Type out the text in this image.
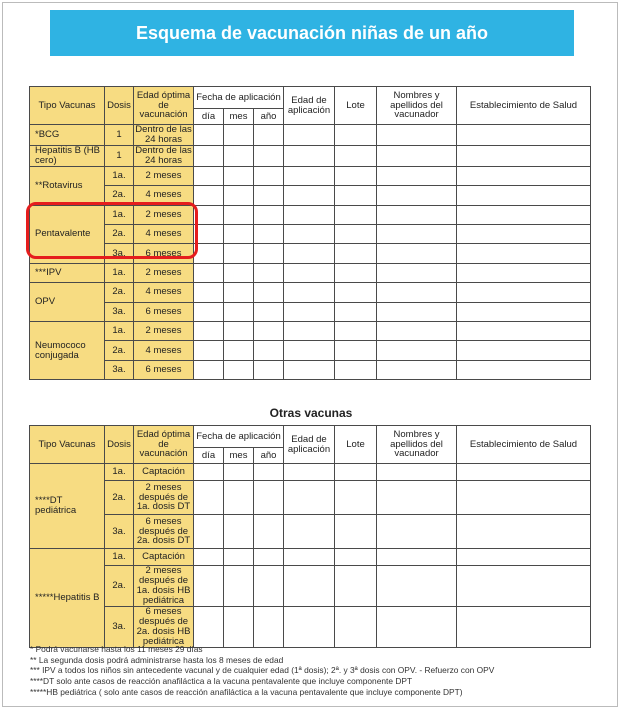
Esquema de vacunación niñas de un año
Tipo Vacunas	Dosis	Edad óptima de vacunación	Fecha de aplicación			Edad de aplicación	Lote	Nombres y apellidos del vacunador	Establecimiento de Salud
			día	mes	año				
*BCG	1	Dentro de las 24 horas							
Hepatitis B (HB cero)	1	Dentro de las 24 horas							
**Rotavirus	1a.	2 meses							
	2a.	4 meses							
Pentavalente	1a.	2 meses							
	2a.	4 meses							
	3a.	6 meses							
***IPV	1a.	2 meses							
OPV	2a.	4 meses							
	3a.	6 meses							
Neumococo conjugada	1a.	2 meses							
	2a.	4 meses							
	3a.	6 meses							
Otras vacunas
Tipo Vacunas	Dosis	Edad óptima de vacunación	Fecha de aplicación			Edad de aplicación	Lote	Nombres y apellidos del vacunador	Establecimiento de Salud
			día	mes	año				
****DT pediátrica	1a.	Captación							
	2a.	2 meses después de 1a. dosis DT							
	3a.	6 meses después de 2a. dosis DT							
*****Hepatitis B	1a.	Captación							
	2a.	2 meses después de 1a. dosis HB pediátrica							
	3a.	6 meses después de 2a. dosis HB pediátrica							
* Podrá vacunarse hasta los 11 meses 29 días
** La segunda dosis podrá administrarse hasta los 8 meses de edad
*** IPV a todos los niños sin antecedente vacunal y de cualquier edad (1ª dosis); 2ª. y 3ª dosis con OPV. - Refuerzo con OPV
****DT solo ante casos de reacción anafiláctica a la vacuna pentavalente que incluye componente DPT
*****HB pediátrica ( solo ante casos de reacción anafiláctica a la vacuna pentavalente que incluye componente DPT)
